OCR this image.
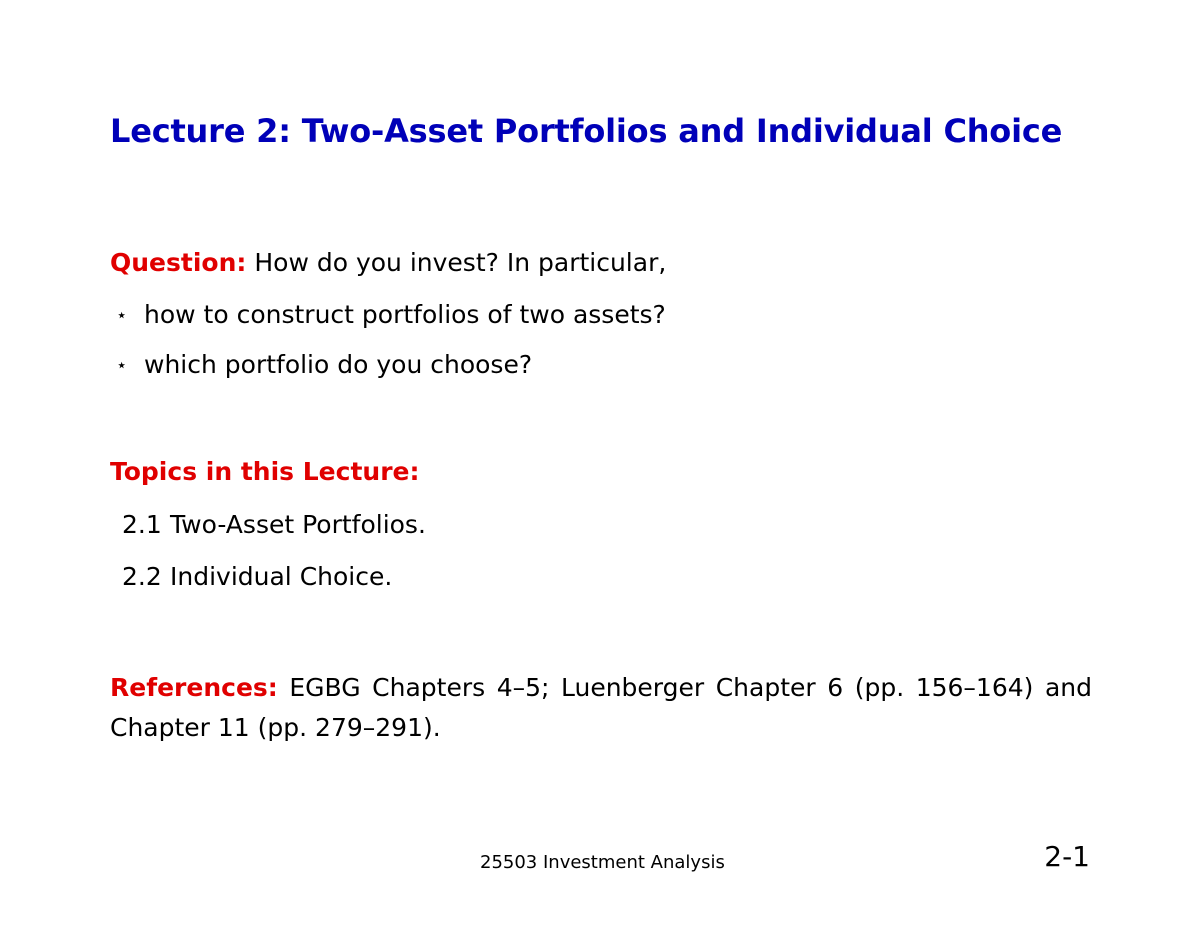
Lecture 2: Two-Asset Portfolios and Individual Choice
Question: How do you invest? In particular,
⋆ how to construct portfolios of two assets?
⋆ which portfolio do you choose?
Topics in this Lecture:
2.1 Two-Asset Portfolios.
2.2 Individual Choice.
References: EGBG Chapters 4–5; Luenberger Chapter 6 (pp. 156–164) and Chapter 11 (pp. 279–291).
25503 Investment Analysis	2-1
